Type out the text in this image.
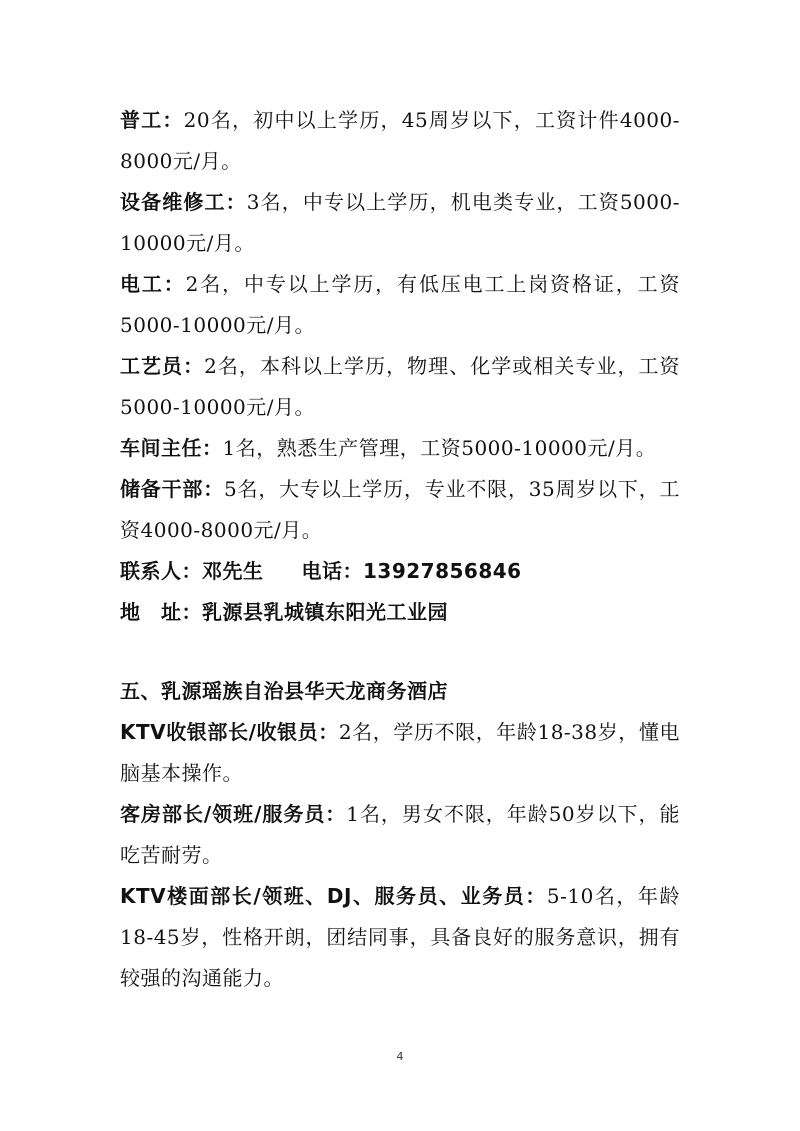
普工：20名，初中以上学历，45周岁以下，工资计件4000-8000元/月。

设备维修工：3名，中专以上学历，机电类专业，工资5000-10000元/月。

电工：2名，中专以上学历，有低压电工上岗资格证，工资5000-10000元/月。

工艺员：2名，本科以上学历，物理、化学或相关专业，工资5000-10000元/月。

车间主任：1名，熟悉生产管理，工资5000-10000元/月。

储备干部：5名，大专以上学历，专业不限，35周岁以下，工资4000-8000元/月。

联系人：邓先生 电话：13927856846

地　址：乳源县乳城镇东阳光工业园

五、乳源瑶族自治县华天龙商务酒店

KTV收银部长/收银员：2名，学历不限，年龄18-38岁，懂电脑基本操作。

客房部长/领班/服务员：1名，男女不限，年龄50岁以下，能吃苦耐劳。

KTV楼面部长/领班、DJ、服务员、业务员：5-10名，年龄18-45岁，性格开朗，团结同事，具备良好的服务意识，拥有较强的沟通能力。

4
